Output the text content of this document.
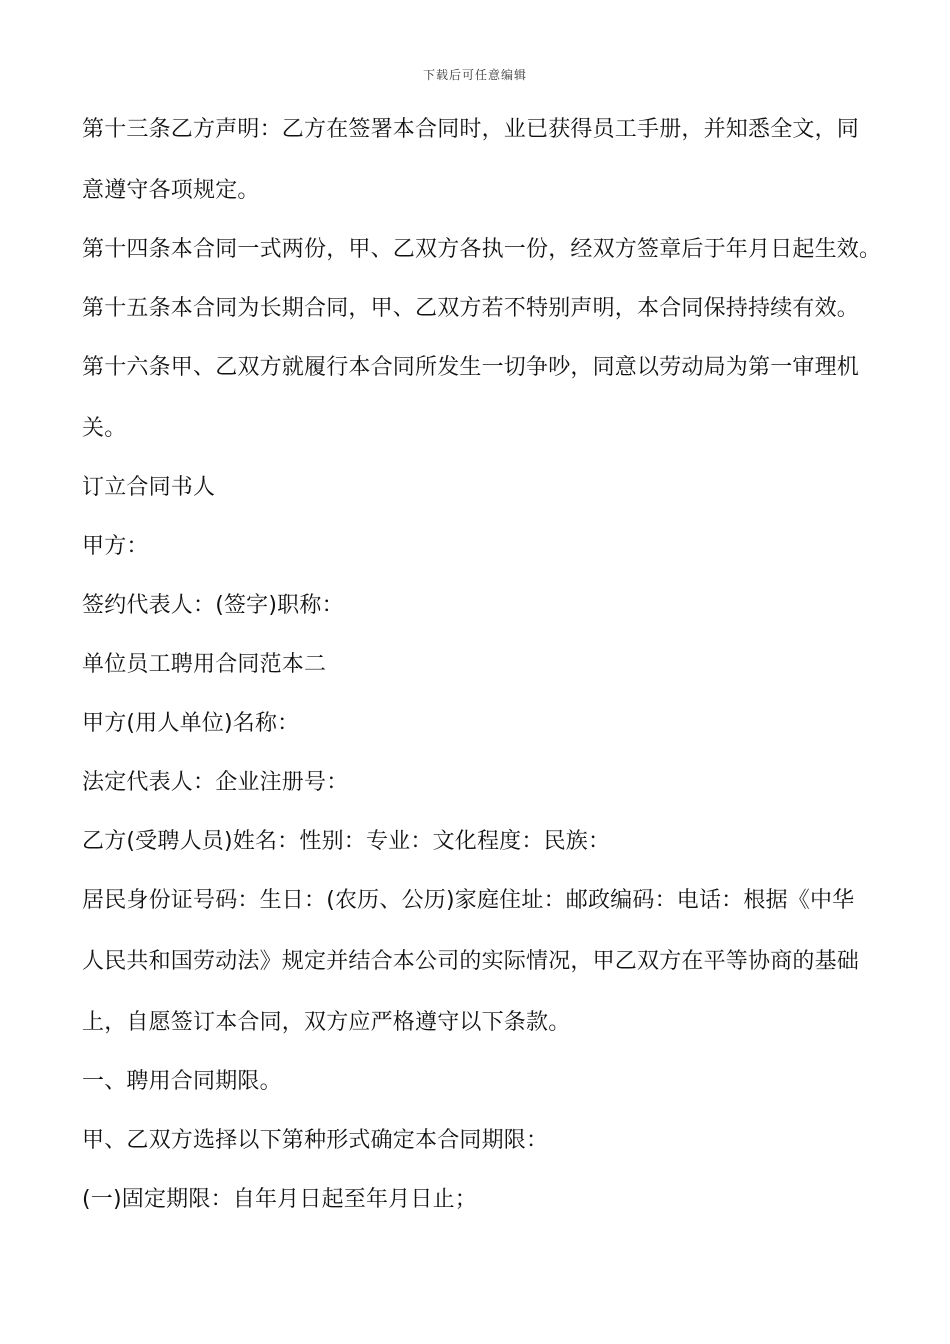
下载后可任意编辑
第十三条乙方声明：乙方在签署本合同时，业已获得员工手册，并知悉全文，同
意遵守各项规定。
第十四条本合同一式两份，甲、乙双方各执一份，经双方签章后于年月日起生效。
第十五条本合同为长期合同，甲、乙双方若不特别声明，本合同保持持续有效。
第十六条甲、乙双方就履行本合同所发生一切争吵，同意以劳动局为第一审理机
关。
订立合同书人
甲方：
签约代表人：(签字)职称：
单位员工聘用合同范本二
甲方(用人单位)名称：
法定代表人：企业注册号：
乙方(受聘人员)姓名：性别：专业：文化程度：民族：
居民身份证号码：生日：(农历、公历)家庭住址：邮政编码：电话：根据《中华
人民共和国劳动法》规定并结合本公司的实际情况，甲乙双方在平等协商的基础
上，自愿签订本合同，双方应严格遵守以下条款。
一、聘用合同期限。
甲、乙双方选择以下第种形式确定本合同期限：
(一)固定期限：自年月日起至年月日止；
